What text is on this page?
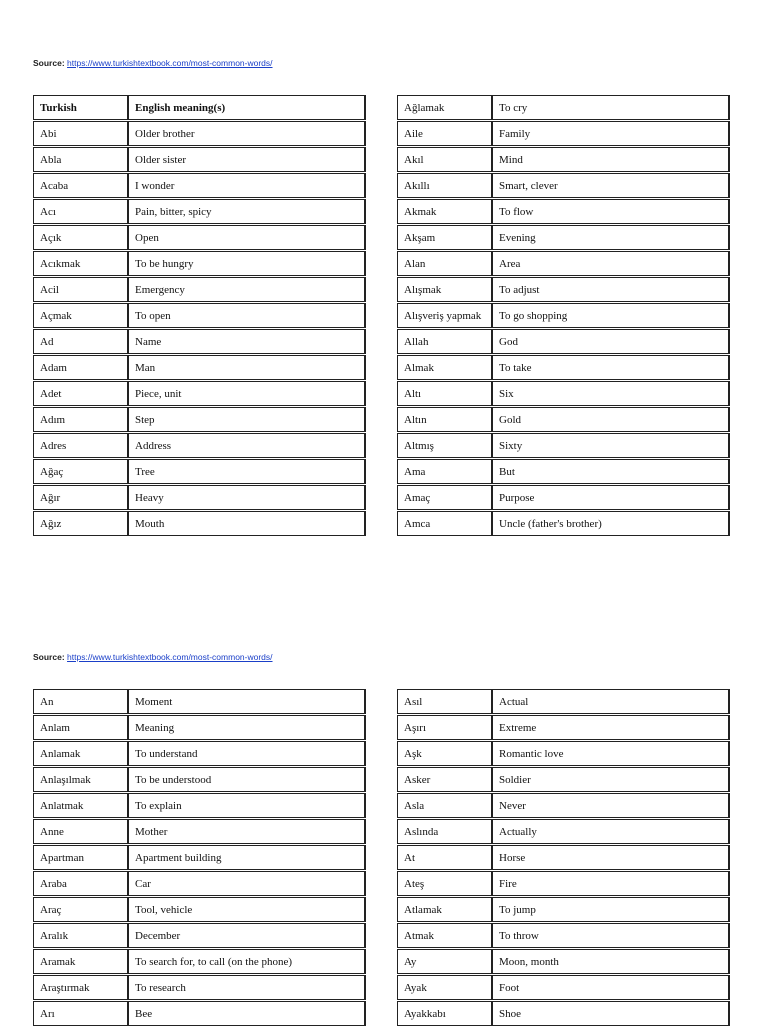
Source: https://www.turkishtextbook.com/most-common-words/
Turkish	English meaning(s)
Abi	Older brother
Abla	Older sister
Acaba	I wonder
Acı	Pain, bitter, spicy
Açık	Open
Acıkmak	To be hungry
Acil	Emergency
Açmak	To open
Ad	Name
Adam	Man
Adet	Piece, unit
Adım	Step
Adres	Address
Ağaç	Tree
Ağır	Heavy
Ağız	Mouth
Ağlamak	To cry
Aile	Family
Akıl	Mind
Akıllı	Smart, clever
Akmak	To flow
Akşam	Evening
Alan	Area
Alışmak	To adjust
Alışveriş yapmak	To go shopping
Allah	God
Almak	To take
Altı	Six
Altın	Gold
Altmış	Sixty
Ama	But
Amaç	Purpose
Amca	Uncle (father's brother)
Source: https://www.turkishtextbook.com/most-common-words/
An	Moment
Anlam	Meaning
Anlamak	To understand
Anlaşılmak	To be understood
Anlatmak	To explain
Anne	Mother
Apartman	Apartment building
Araba	Car
Araç	Tool, vehicle
Aralık	December
Aramak	To search for, to call (on the phone)
Araştırmak	To research
Arı	Bee
Asıl	Actual
Aşırı	Extreme
Aşk	Romantic love
Asker	Soldier
Asla	Never
Aslında	Actually
At	Horse
Ateş	Fire
Atlamak	To jump
Atmak	To throw
Ay	Moon, month
Ayak	Foot
Ayakkabı	Shoe
